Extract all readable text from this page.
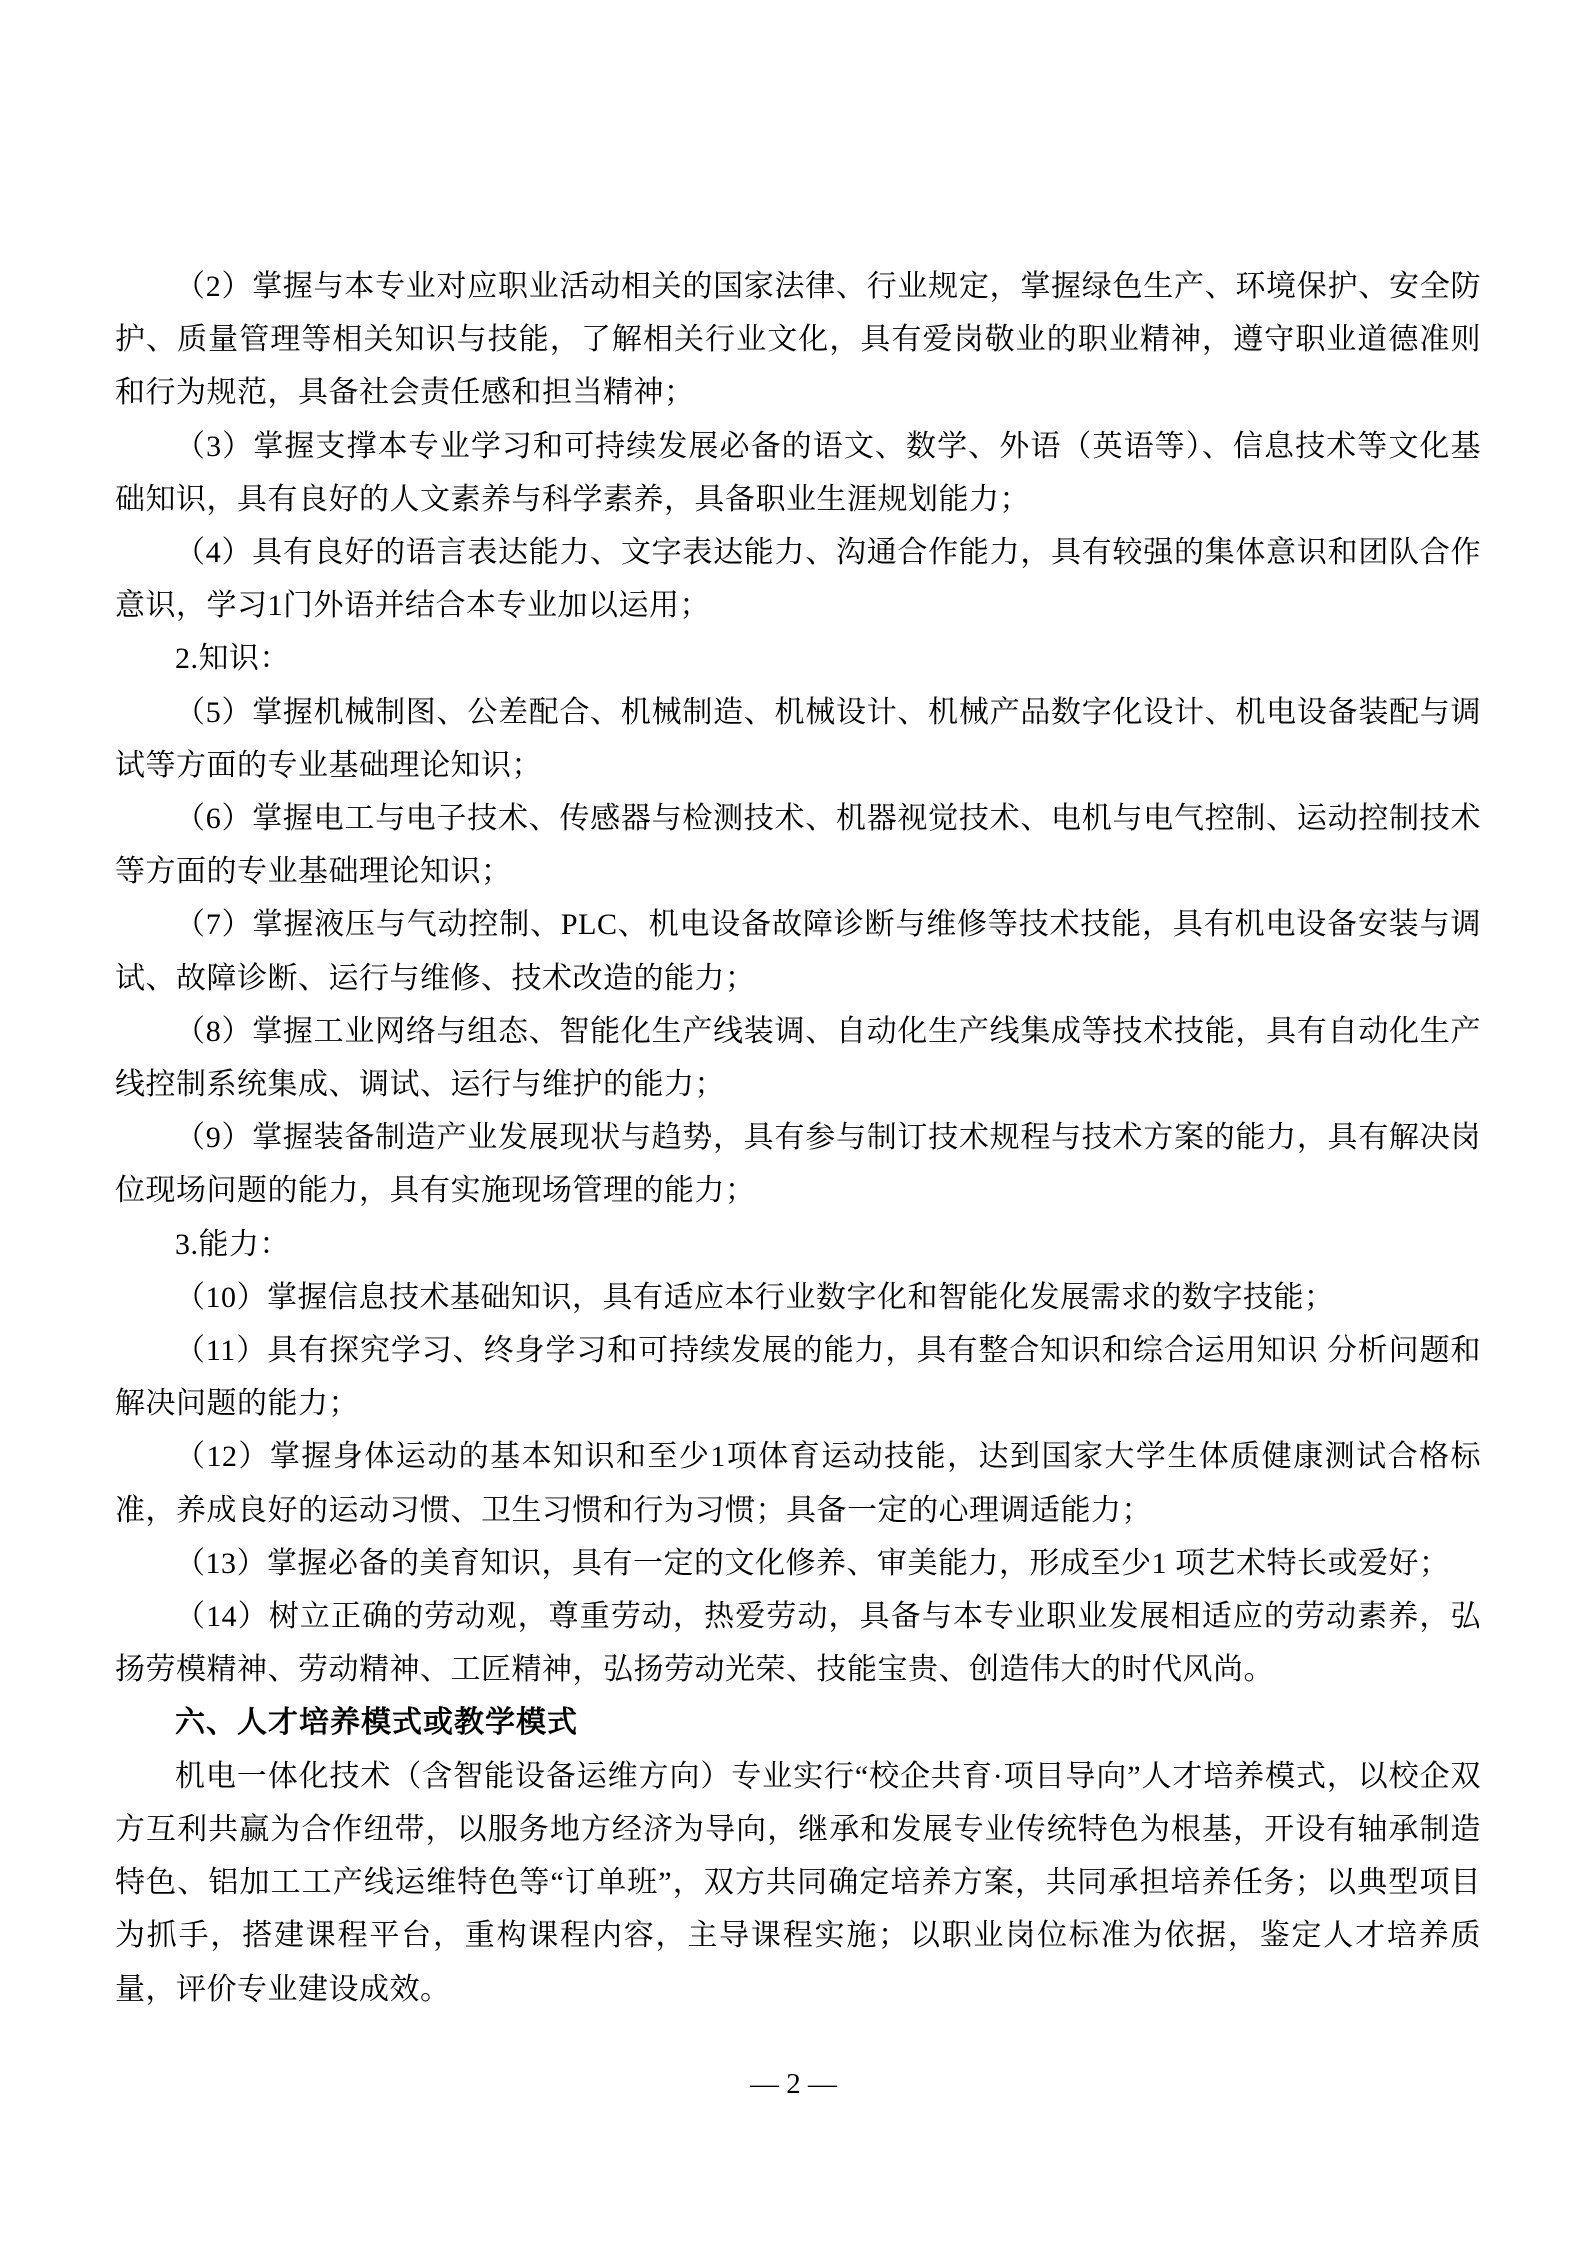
（2）掌握与本专业对应职业活动相关的国家法律、行业规定，掌握绿色生产、环境保护、安全防护、质量管理等相关知识与技能，了解相关行业文化，具有爱岗敬业的职业精神，遵守职业道德准则和行为规范，具备社会责任感和担当精神；

（3）掌握支撑本专业学习和可持续发展必备的语文、数学、外语（英语等）、信息技术等文化基础知识，具有良好的人文素养与科学素养，具备职业生涯规划能力；

（4）具有良好的语言表达能力、文字表达能力、沟通合作能力，具有较强的集体意识和团队合作意识，学习1门外语并结合本专业加以运用；

2.知识：

（5）掌握机械制图、公差配合、机械制造、机械设计、机械产品数字化设计、机电设备装配与调试等方面的专业基础理论知识；

（6）掌握电工与电子技术、传感器与检测技术、机器视觉技术、电机与电气控制、运动控制技术等方面的专业基础理论知识；

（7）掌握液压与气动控制、PLC、机电设备故障诊断与维修等技术技能，具有机电设备安装与调试、故障诊断、运行与维修、技术改造的能力；

（8）掌握工业网络与组态、智能化生产线装调、自动化生产线集成等技术技能，具有自动化生产线控制系统集成、调试、运行与维护的能力；

（9）掌握装备制造产业发展现状与趋势，具有参与制订技术规程与技术方案的能力，具有解决岗位现场问题的能力，具有实施现场管理的能力；

3.能力：

（10）掌握信息技术基础知识，具有适应本行业数字化和智能化发展需求的数字技能；

（11）具有探究学习、终身学习和可持续发展的能力，具有整合知识和综合运用知识 分析问题和解决问题的能力；

（12）掌握身体运动的基本知识和至少1项体育运动技能，达到国家大学生体质健康测试合格标准，养成良好的运动习惯、卫生习惯和行为习惯；具备一定的心理调适能力；

（13）掌握必备的美育知识，具有一定的文化修养、审美能力，形成至少1 项艺术特长或爱好；

（14）树立正确的劳动观，尊重劳动，热爱劳动，具备与本专业职业发展相适应的劳动素养，弘扬劳模精神、劳动精神、工匠精神，弘扬劳动光荣、技能宝贵、创造伟大的时代风尚。

六、人才培养模式或教学模式

机电一体化技术（含智能设备运维方向）专业实行“校企共育·项目导向”人才培养模式，以校企双方互利共赢为合作纽带，以服务地方经济为导向，继承和发展专业传统特色为根基，开设有轴承制造特色、铝加工工产线运维特色等“订单班”，双方共同确定培养方案，共同承担培养任务；以典型项目为抓手，搭建课程平台，重构课程内容，主导课程实施；以职业岗位标准为依据，鉴定人才培养质量，评价专业建设成效。

— 2 —
